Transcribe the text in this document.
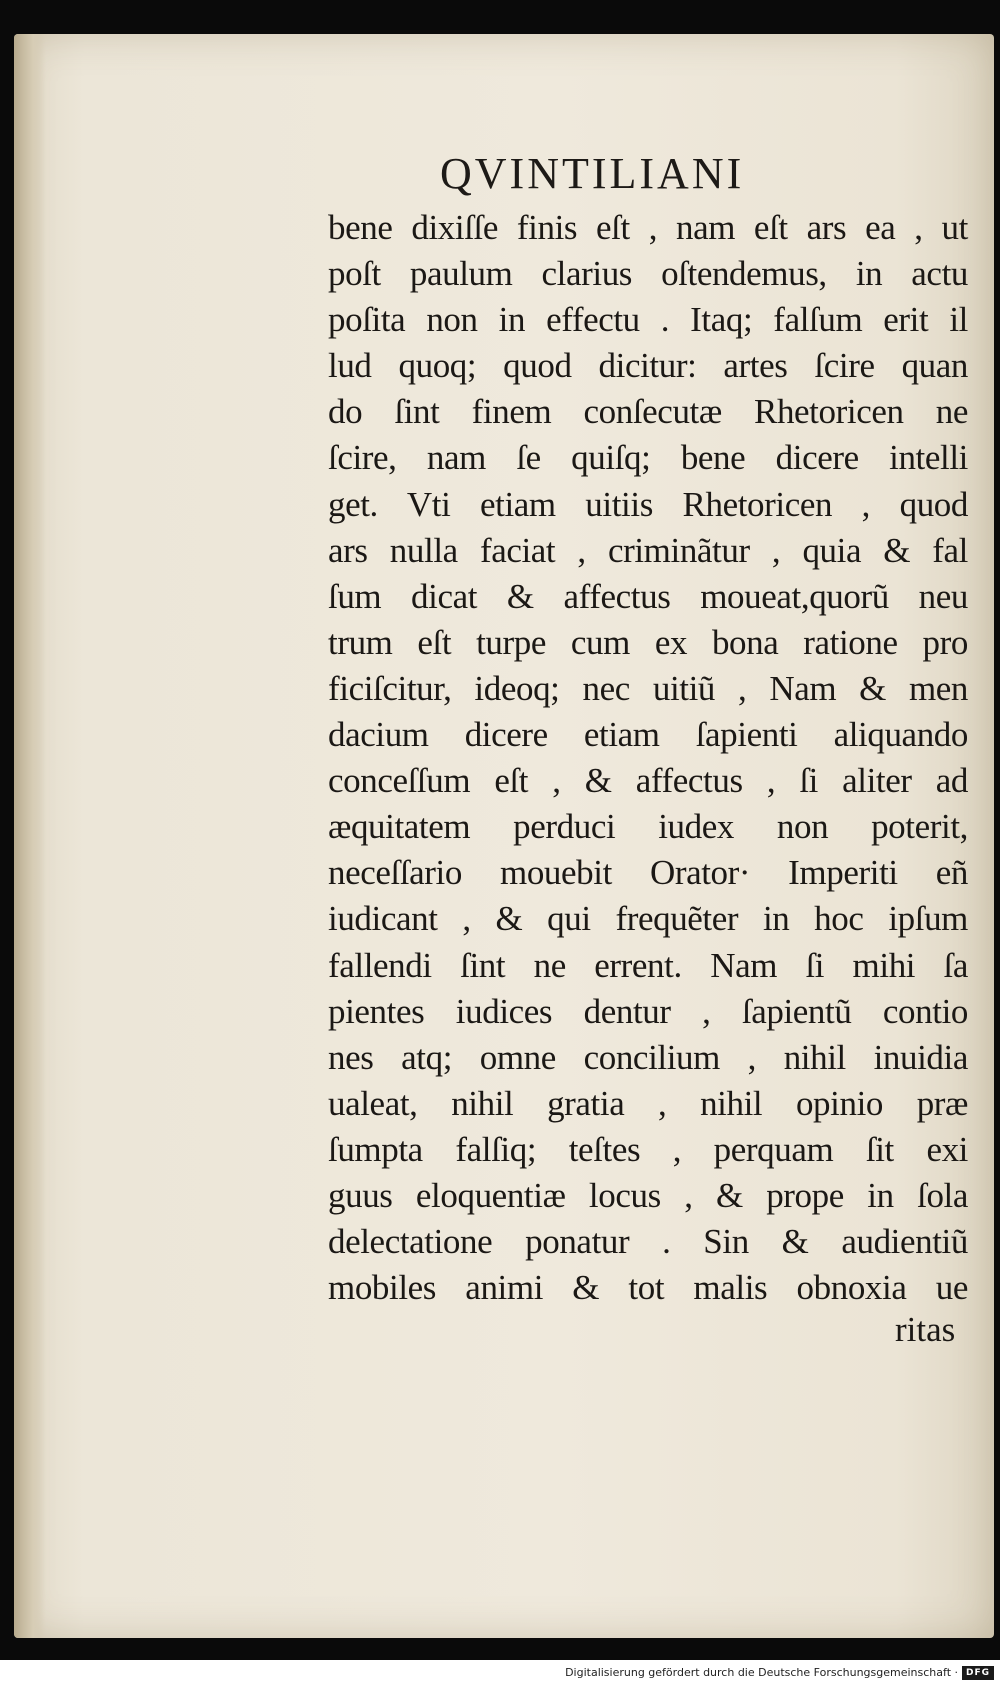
QVINTILIANI
bene dixiſſe finis eſt , nam eſt ars ea , ut
poſt paulum clarius oſtendemus, in actu
poſita non in effectu . Itaq; falſum erit il
lud quoq; quod dicitur: artes ſcire quan
do ſint finem conſecutæ Rhetoricen ne
ſcire, nam ſe quiſq; bene dicere intelli
get. Vti etiam uitiis Rhetoricen , quod
ars nulla faciat , criminãtur , quia & fal
ſum dicat & affectus moueat,quorũ neu
trum eſt turpe cum ex bona ratione pro
ficiſcitur, ideoq; nec uitiũ , Nam & men
dacium dicere etiam ſapienti aliquando
conceſſum eſt , & affectus , ſi aliter ad
æquitatem perduci iudex non poterit,
neceſſario mouebit Orator· Imperiti eñ
iudicant , & qui frequẽter in hoc ipſum
fallendi ſint ne errent. Nam ſi mihi ſa
pientes iudices dentur , ſapientũ contio
nes atq; omne concilium , nihil inuidia
ualeat, nihil gratia , nihil opinio præ
ſumpta falſiq; teſtes , perquam ſit exi
guus eloquentiæ locus , & prope in ſola
delectatione ponatur . Sin & audientiũ
mobiles animi & tot malis obnoxia ue
ritas
Digitalisierung gefördert durch die Deutsche Forschungsgemeinschaft · DFG
